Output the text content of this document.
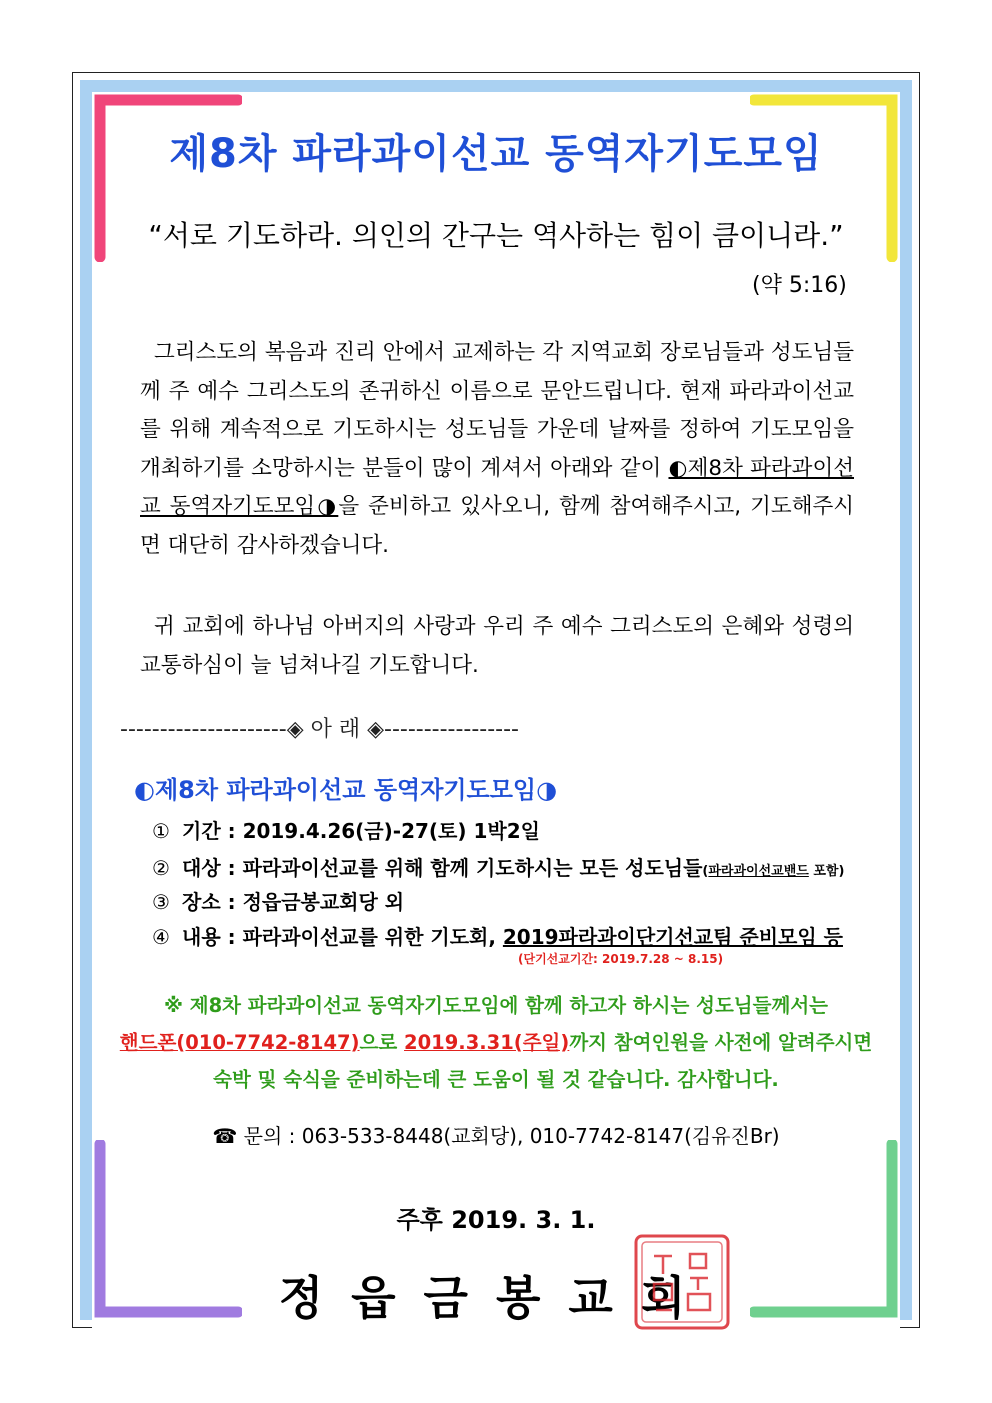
제8차 파라과이선교 동역자기도모임
“서로 기도하라. 의인의 간구는 역사하는 힘이 큼이니라.”
(약 5:16)
그리스도의 복음과 진리 안에서 교제하는 각 지역교회 장로님들과 성도님들께 주 예수 그리스도의 존귀하신 이름으로 문안드립니다. 현재 파라과이선교를 위해 계속적으로 기도하시는 성도님들 가운데 날짜를 정하여 기도모임을 개최하기를 소망하시는 분들이 많이 계셔서 아래와 같이 ◐제8차 파라과이선교 동역자기도모임◑을 준비하고 있사오니, 함께 참여해주시고, 기도해주시면 대단히 감사하겠습니다.
귀 교회에 하나님 아버지의 사랑과 우리 주 예수 그리스도의 은혜와 성령의 교통하심이 늘 넘쳐나길 기도합니다.
---------------------◈ 아 래 ◈-----------------
◐제8차 파라과이선교 동역자기도모임◑
① 기간 : 2019.4.26(금)-27(토) 1박2일
② 대상 : 파라과이선교를 위해 함께 기도하시는 모든 성도님들(파라과이선교밴드 포함)
③ 장소 : 정읍금봉교회당 외
④ 내용 : 파라과이선교를 위한 기도회, 2019파라과이단기선교팀 준비모임 등
(단기선교기간: 2019.7.28 ~ 8.15)
※ 제8차 파라과이선교 동역자기도모임에 함께 하고자 하시는 성도님들께서는
핸드폰(010-7742-8147)으로 2019.3.31(주일)까지 참여인원을 사전에 알려주시면
숙박 및 숙식을 준비하는데 큰 도움이 될 것 같습니다. 감사합니다.
☎ 문의 : 063-533-8448(교회당), 010-7742-8147(김유진Br)
주후 2019. 3. 1.
정읍금봉교회
